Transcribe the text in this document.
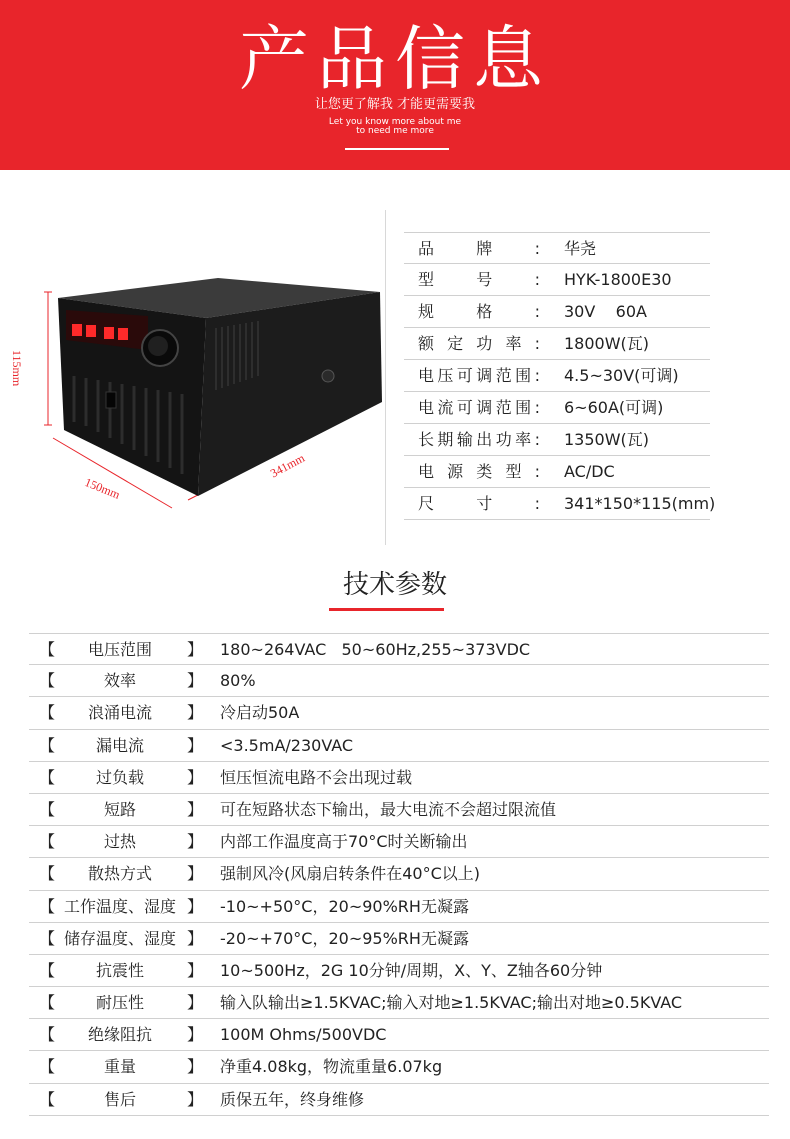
产品信息
让您更了解我 才能更需要我
Let you know more about me
to need me more
115mm
150mm
341mm
品牌: 华尧
型号: HYK-1800E30
规格: 30V    60A
额定功率: 1800W(瓦)
电压可调范围: 4.5~30V(可调)
电流可调范围: 6~60A(可调)
长期输出功率: 1350W(瓦)
电源类型: AC/DC
尺寸: 341*150*115(mm)
技术参数
【	电压范围	】 180~264VAC   50~60Hz,255~373VDC
【	效率	】 80%
【	浪涌电流	】 冷启动50A
【	漏电流	】 <3.5mA/230VAC
【	过负载	】 恒压恒流电路不会出现过载
【	短路	】 可在短路状态下输出，最大电流不会超过限流值
【	过热	】 内部工作温度高于70°C时关断输出
【	散热方式	】 强制风冷(风扇启转条件在40°C以上)
【 工作温度、湿度 】 -10~+50°C，20~90%RH无凝露
【 储存温度、湿度 】 -20~+70°C，20~95%RH无凝露
【	抗震性	】 10~500Hz，2G 10分钟/周期，X、Y、Z轴各60分钟
【	耐压性	】 输入队输出≥1.5KVAC;输入对地≥1.5KVAC;输出对地≥0.5KVAC
【	绝缘阻抗	】 100M Ohms/500VDC
【	重量	】 净重4.08kg，物流重量6.07kg
【	售后	】 质保五年，终身维修
